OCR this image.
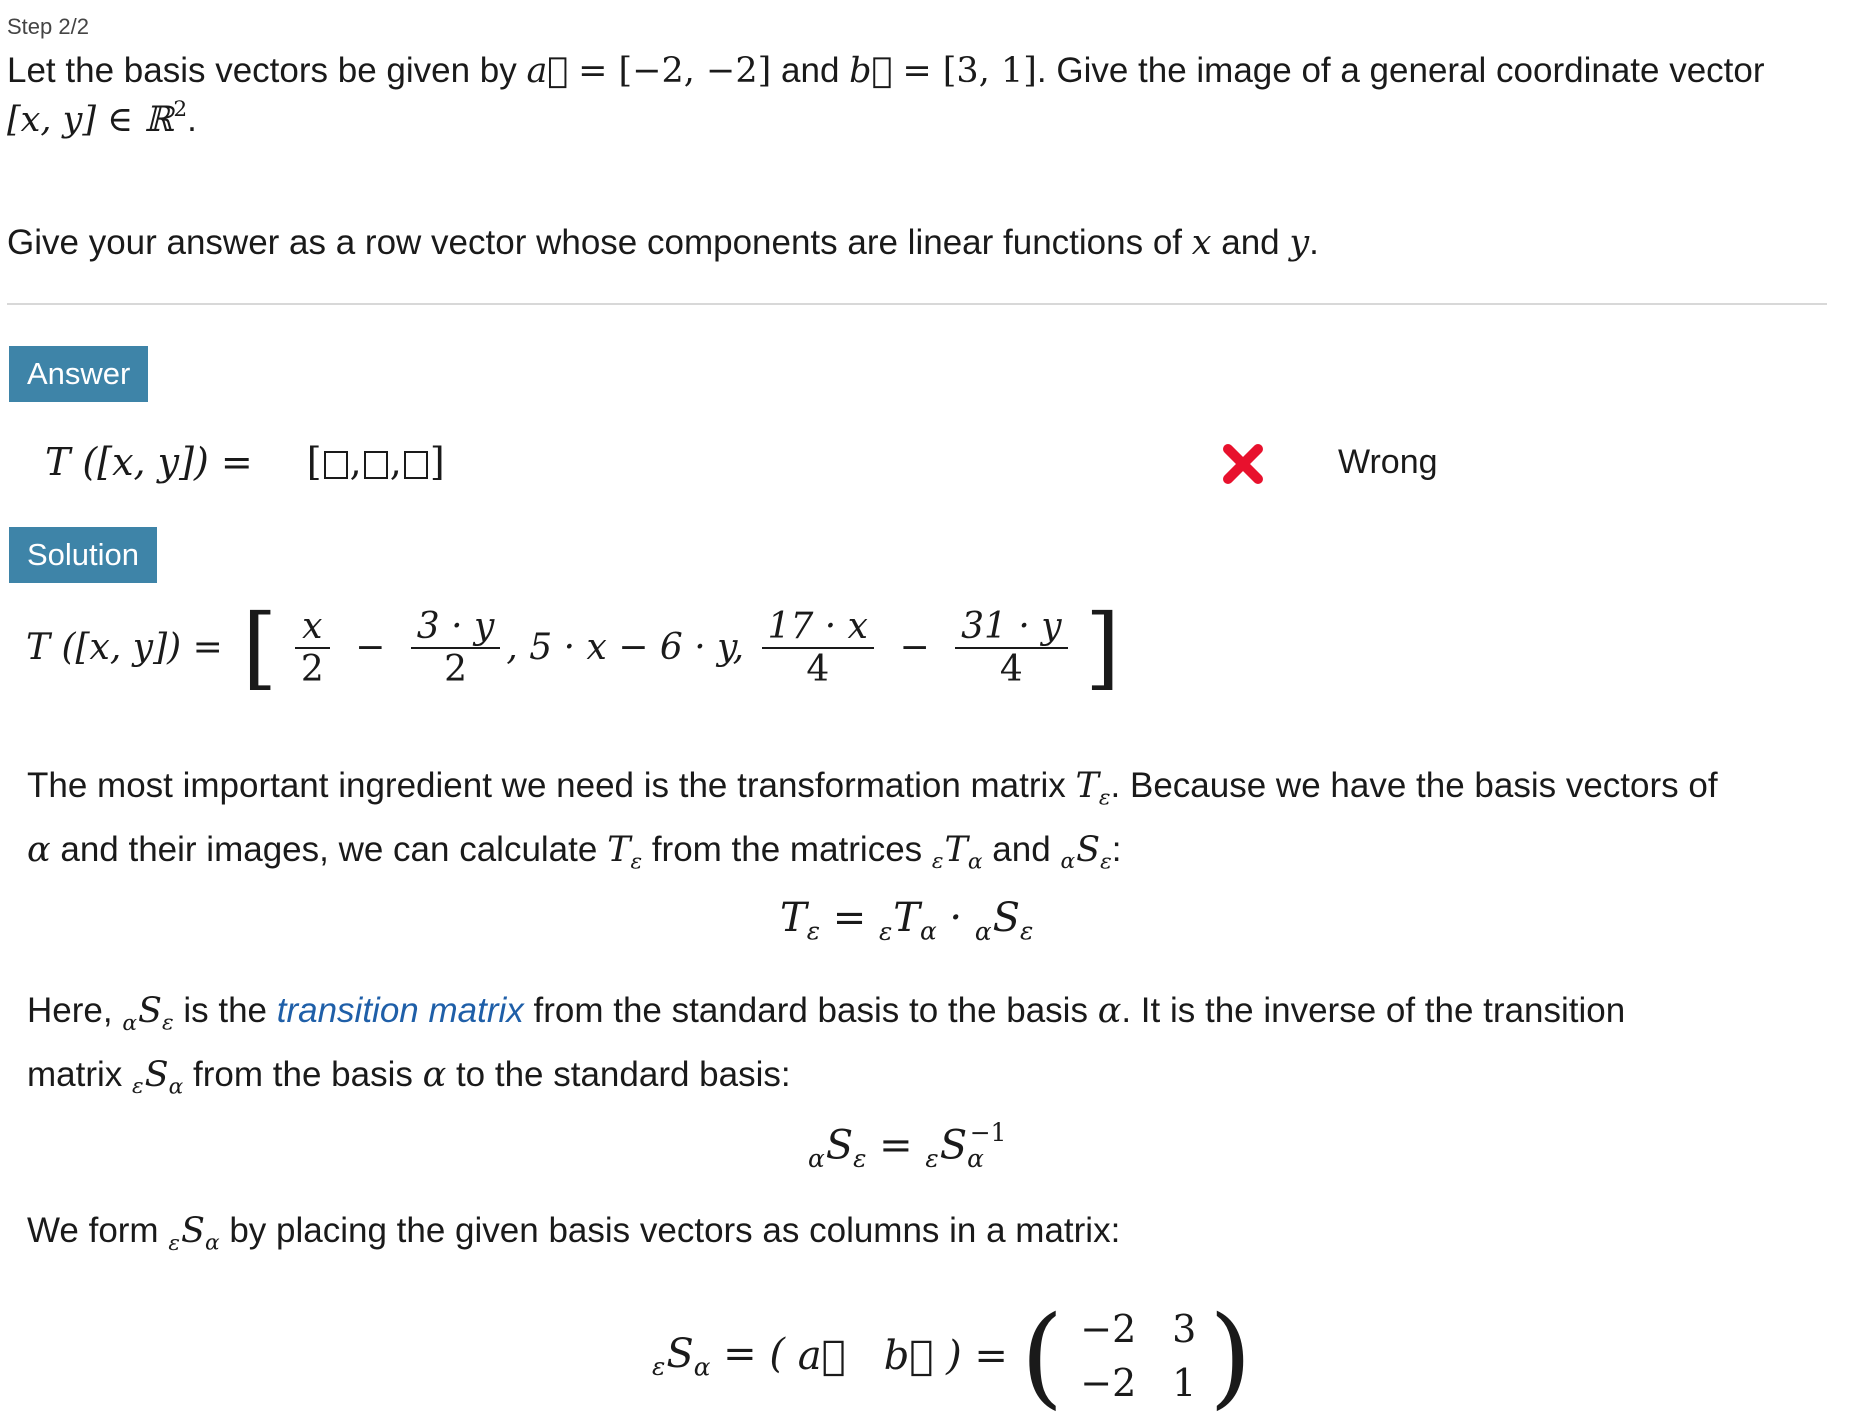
Step 2/2
Let the basis vectors be given by a = [−2, −2] and b = [3, 1]. Give the image of a general coordinate vector
[x, y] ∈ ℝ$^2$.
Give your answer as a row vector whose components are linear functions of x and y.
Answer
T ([x, y]) = [ , , ]	Wrong
Solution
T ([x, y]) = [ $\frac{x}{2} - \frac{3 \cdot y}{2}$ , 5 · x − 6 · y, $\frac{17 \cdot x}{4} - \frac{31 \cdot y}{4}$ ]
The most important ingredient we need is the transformation matrix $T_\varepsilon$. Because we have the basis vectors of
α and their images, we can calculate $T_\varepsilon$ from the matrices $_\varepsilon T_\alpha$ and $_\alpha S_\varepsilon$:
$T_\varepsilon = _\varepsilon T_\alpha \cdot _\alpha S_\varepsilon$
Here, $_\alpha S_\varepsilon$ is the transition matrix from the standard basis to the basis α. It is the inverse of the transition
matrix $_\varepsilon S_\alpha$ from the basis α to the standard basis:
$_\alpha S_\varepsilon = _\varepsilon S_\alpha^{-1}$
We form $_\varepsilon S_\alpha$ by placing the given basis vectors as columns in a matrix:
$_\varepsilon S_\alpha$ = ( a⃗   b⃗ ) = ( −2 3
−2 1 )
